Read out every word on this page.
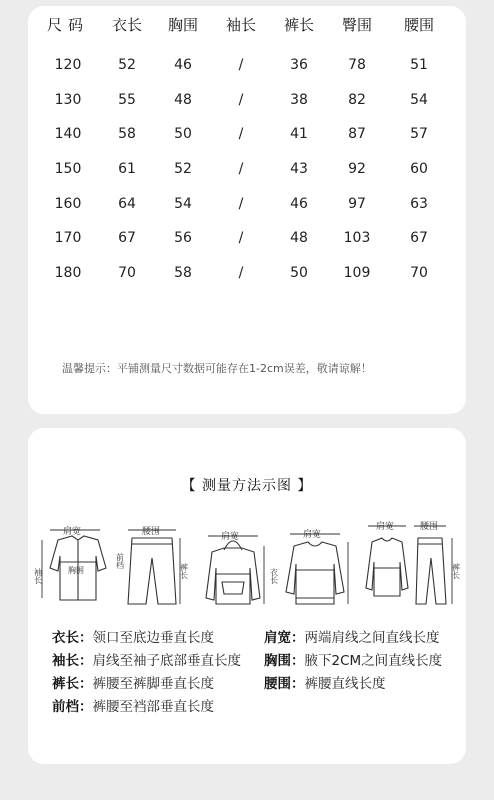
尺码	衣长	胸围	袖长	裤长	臀围	腰围

120	52	46	/	36	78	51
130	55	48	/	38	82	54
140	58	50	/	41	87	57
150	61	52	/	43	92	60
160	64	54	/	46	97	63
170	67	56	/	48	103	67
180	70	58	/	50	109	70
温馨提示：平铺测量尺寸数据可能存在1-2cm误差，敬请谅解！
【 测量方法示图 】
肩宽
胸围
袖长
腰围
前档
裤长
肩宽	肩宽
衣长
肩宽	腰围
裤长
衣长：领口至底边垂直长度	肩宽：两端肩线之间直线长度
袖长：肩线至袖子底部垂直长度 胸围：腋下2CM之间直线长度
裤长：裤腰至裤脚垂直长度	腰围：裤腰直线长度
前档：裤腰至裆部垂直长度
